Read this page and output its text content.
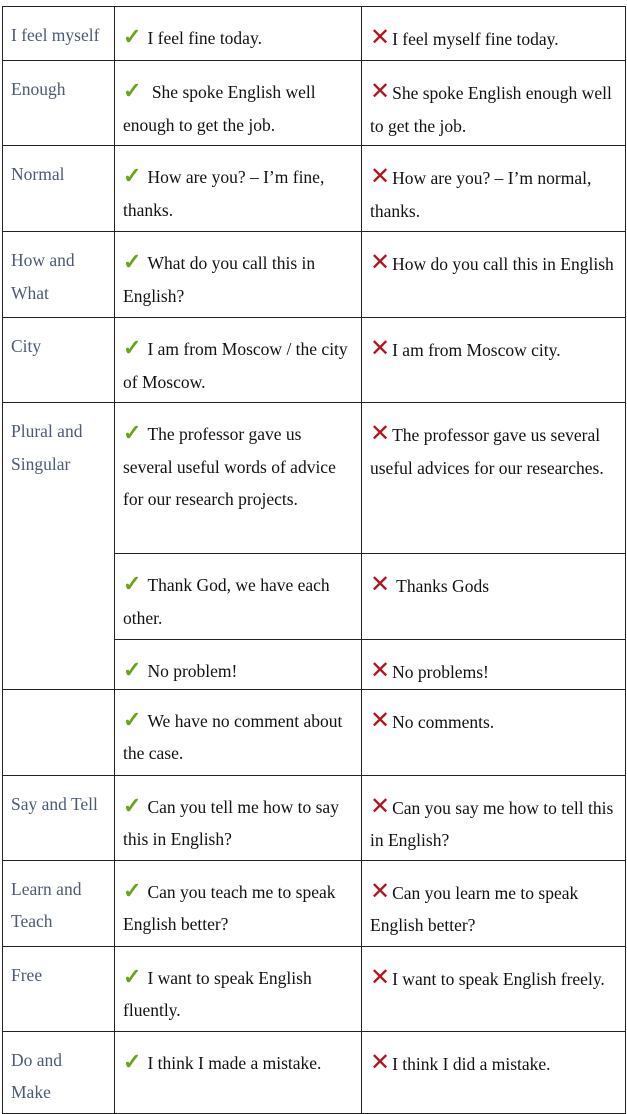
I feel myself	✓ I feel fine today.	✕ I feel myself fine today.
Enough	✓ She spoke English well enough to get the job.	✕ She spoke English enough well to get the job.
Normal	✓ How are you? – I’m fine, thanks.	✕ How are you? – I’m normal, thanks.
How and What	✓ What do you call this in English?	✕ How do you call this in English
City	✓ I am from Moscow / the city of Moscow.	✕ I am from Moscow city.
Plural and Singular	✓ The professor gave us several useful words of advice for our research projects.	✕ The professor gave us several useful advices for our researches.
	✓ Thank God, we have each other.	✕ Thanks Gods
	✓ No problem!	✕ No problems!
	✓ We have no comment about the case.	✕ No comments.
Say and Tell	✓ Can you tell me how to say this in English?	✕ Can you say me how to tell this in English?
Learn and Teach	✓ Can you teach me to speak English better?	✕ Can you learn me to speak English better?
Free	✓ I want to speak English fluently.	✕ I want to speak English freely.
Do and Make	✓ I think I made a mistake.	✕ I think I did a mistake.
